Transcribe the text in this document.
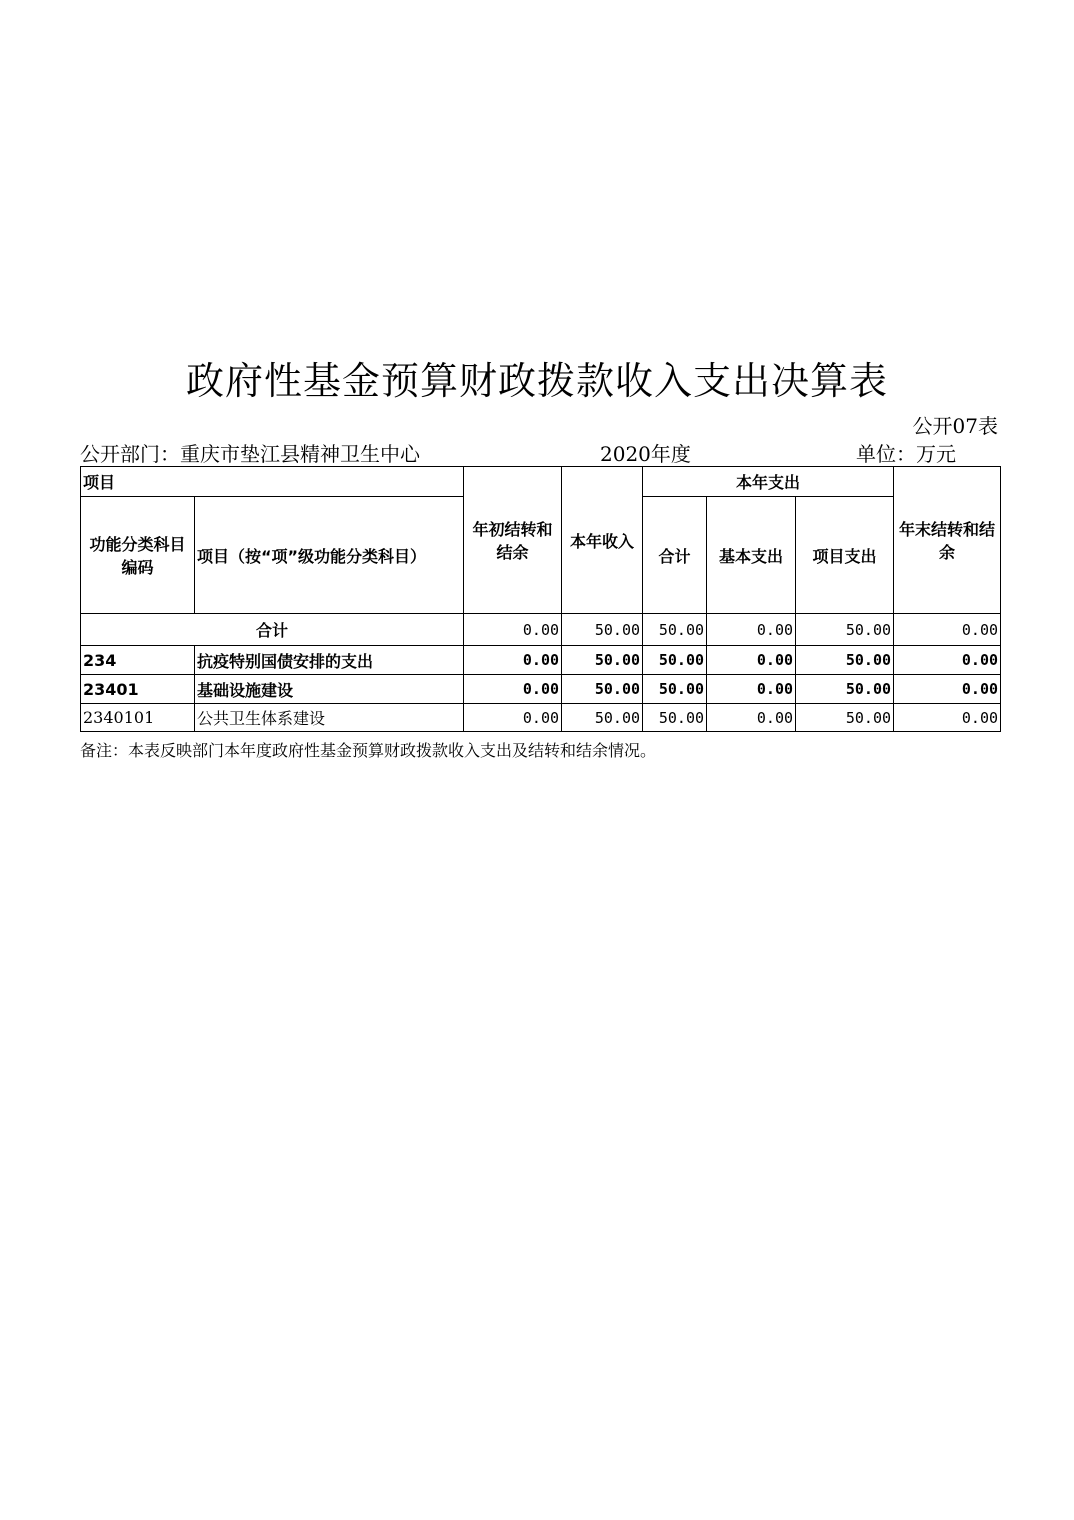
政府性基金预算财政拨款收入支出决算表
公开07表
公开部门：重庆市垫江县精神卫生中心	2020年度	单位：万元
项目		年初结转和结余	本年收入	本年支出			年末结转和结余
功能分类科目编码	项目（按“项”级功能分类科目）			合计	基本支出	项目支出	
合计		0.00	50.00	50.00	0.00	50.00	0.00
234	抗疫特别国债安排的支出	0.00	50.00	50.00	0.00	50.00	0.00
23401	基础设施建设	0.00	50.00	50.00	0.00	50.00	0.00
2340101	公共卫生体系建设	0.00	50.00	50.00	0.00	50.00	0.00
备注：本表反映部门本年度政府性基金预算财政拨款收入支出及结转和结余情况。
